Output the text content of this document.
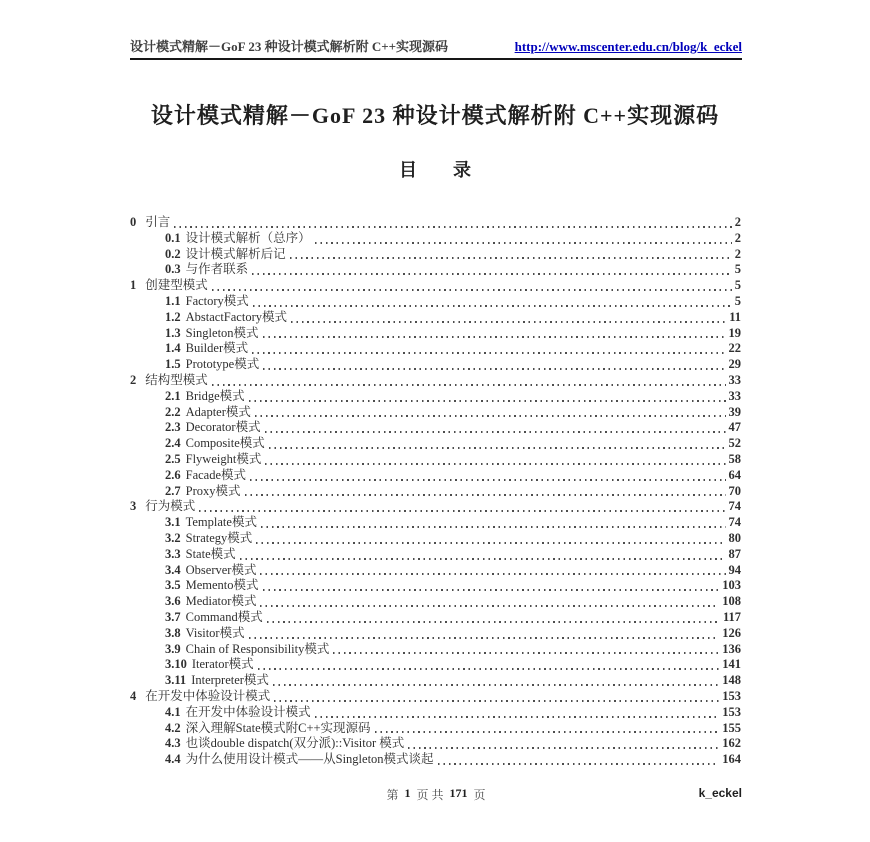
设计模式精解－GoF 23 种设计模式解析附 C++实现源码	http://www.mscenter.edu.cn/blog/k_eckel
设计模式精解－GoF 23 种设计模式解析附 C++实现源码
目　　录
0 引言	2
0.1 设计模式解析（总序）	2
0.2 设计模式解析后记	2
0.3 与作者联系	5
1 创建型模式	5
1.1 Factory模式	5
1.2 AbstactFactory模式	11
1.3 Singleton模式	19
1.4 Builder模式	22
1.5 Prototype模式	29
2 结构型模式	33
2.1 Bridge模式	33
2.2 Adapter模式	39
2.3 Decorator模式	47
2.4 Composite模式	52
2.5 Flyweight模式	58
2.6 Facade模式	64
2.7 Proxy模式	70
3 行为模式	74
3.1 Template模式	74
3.2 Strategy模式	80
3.3 State模式	87
3.4 Observer模式	94
3.5 Memento模式	103
3.6 Mediator模式	108
3.7 Command模式	117
3.8 Visitor模式	126
3.9 Chain of Responsibility模式	136
3.10 Iterator模式	141
3.11 Interpreter模式	148
4 在开发中体验设计模式	153
4.1 在开发中体验设计模式	153
4.2 深入理解State模式附C++实现源码	155
4.3 也谈double dispatch(双分派)::Visitor 模式	162
4.4 为什么使用设计模式——从Singleton模式谈起	164
第 1 页 共 171 页	k_eckel
